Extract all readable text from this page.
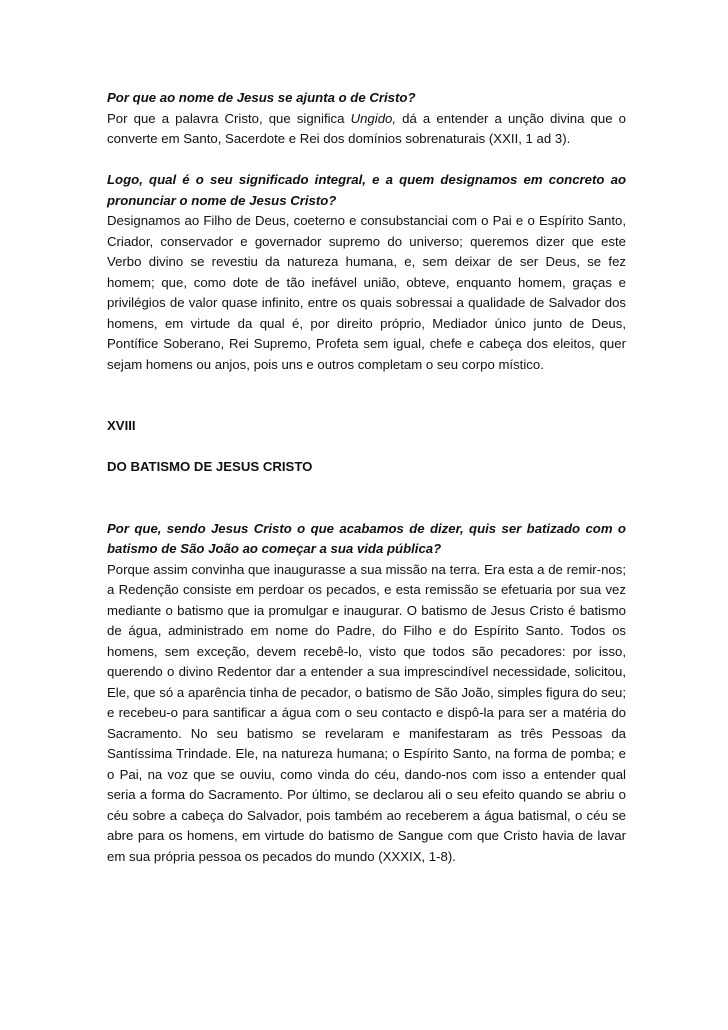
Por que ao nome de Jesus se ajunta o de Cristo?

Por que a palavra Cristo, que significa Ungido, dá a entender a unção divina que o converte em Santo, Sacerdote e Rei dos domínios sobrenaturais (XXII, 1 ad 3).

Logo, qual é o seu significado integral, e a quem designamos em concreto ao pronunciar o nome de Jesus Cristo?

Designamos ao Filho de Deus, coeterno e consubstanciai com o Pai e o Espírito Santo, Criador, conservador e governador supremo do universo; queremos dizer que este Verbo divino se revestiu da natureza humana, e, sem deixar de ser Deus, se fez homem; que, como dote de tão inefável união, obteve, enquanto homem, graças e privilégios de valor quase infinito, entre os quais sobressai a qualidade de Salvador dos homens, em virtude da qual é, por direito próprio, Mediador único junto de Deus, Pontífice Soberano, Rei Supremo, Profeta sem igual, chefe e cabeça dos eleitos, quer sejam homens ou anjos, pois uns e outros completam o seu corpo místico.

XVIII

DO BATISMO DE JESUS CRISTO

Por que, sendo Jesus Cristo o que acabamos de dizer, quis ser batizado com o batismo de São João ao começar a sua vida pública?

Porque assim convinha que inaugurasse a sua missão na terra. Era esta a de remir-nos; a Redenção consiste em perdoar os pecados, e esta remissão se efetuaria por sua vez mediante o batismo que ia promulgar e inaugurar. O batismo de Jesus Cristo é batismo de água, administrado em nome do Padre, do Filho e do Espírito Santo. Todos os homens, sem exceção, devem recebê-lo, visto que todos são pecadores: por isso, querendo o divino Redentor dar a entender a sua imprescindível necessidade, solicitou, Ele, que só a aparência tinha de pecador, o batismo de São João, simples figura do seu; e recebeu-o para santificar a água com o seu contacto e dispô-la para ser a matéria do Sacramento. No seu batismo se revelaram e manifestaram as três Pessoas da Santíssima Trindade. Ele, na natureza humana; o Espírito Santo, na forma de pomba; e o Pai, na voz que se ouviu, como vinda do céu, dando-nos com isso a entender qual seria a forma do Sacramento. Por último, se declarou ali o seu efeito quando se abriu o céu sobre a cabeça do Salvador, pois também ao receberem a água batismal, o céu se abre para os homens, em virtude do batismo de Sangue com que Cristo havia de lavar em sua própria pessoa os pecados do mundo (XXXIX, 1-8).
